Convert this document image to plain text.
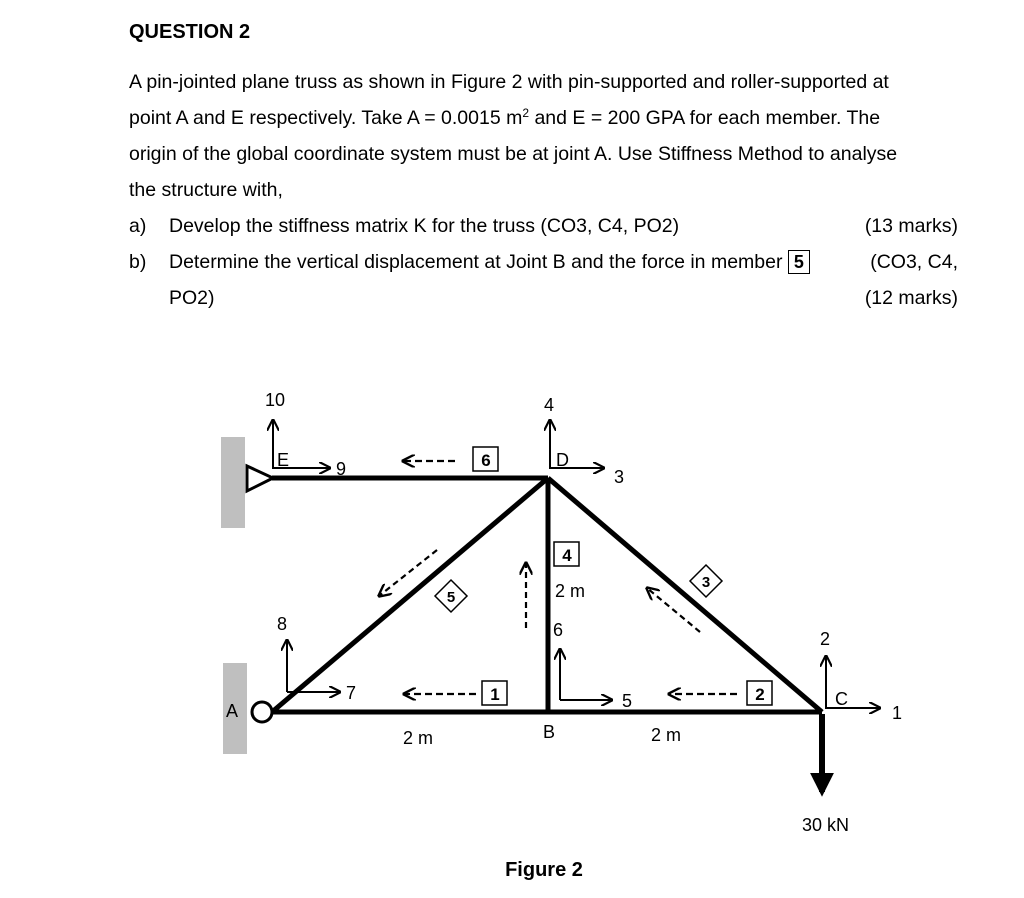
QUESTION 2
A pin-jointed plane truss as shown in Figure 2 with pin-supported and roller-supported at
point A and E respectively. Take A = 0.0015 $m^2$ and E = 200 GPA for each member. The
origin of the global coordinate system must be at joint A. Use Stiffness Method to analyse
the structure with,
a) Develop the stiffness matrix K for the truss (CO3, C4, PO2)	(13 marks)
b) Determine the vertical displacement at Joint B and the force in member 5	(CO3, C4,
PO2)	(12 marks)
6
1	2
4
5
3
E	D
A
B
C
10
9
4
3
8
7
6
5
2
1
2 m	2 m
2 m
30 kN
Figure 2
